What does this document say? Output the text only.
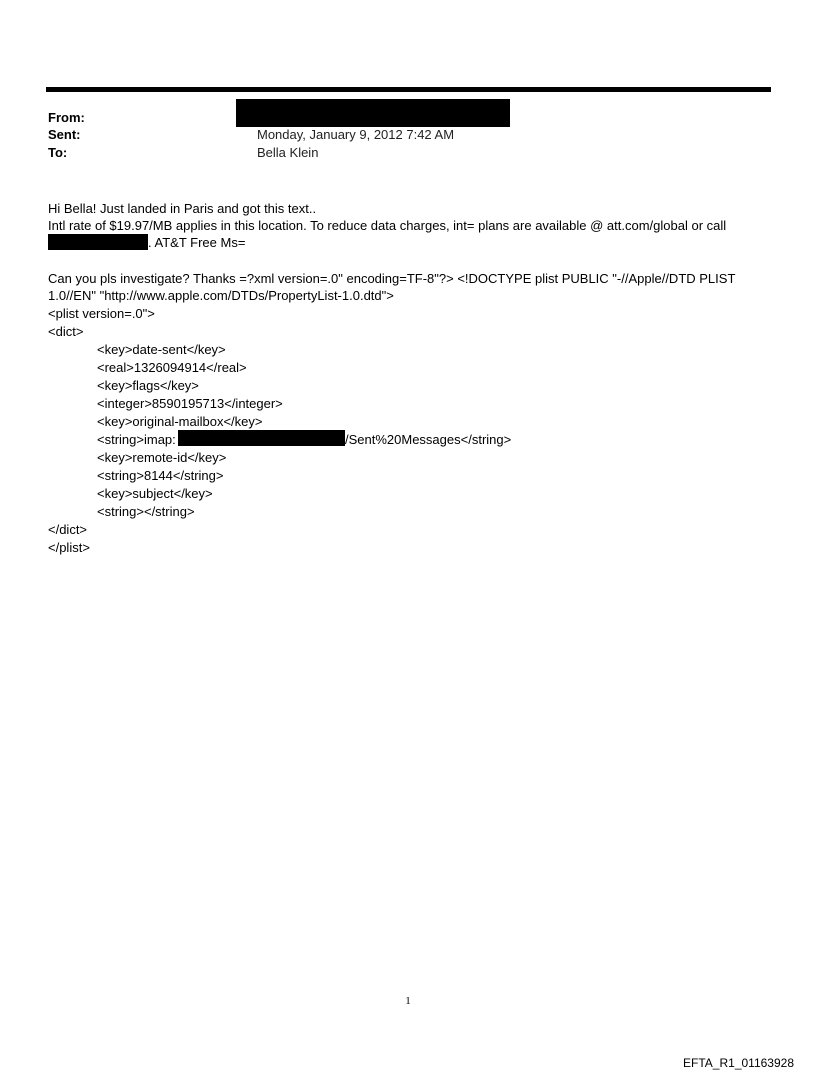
From:
Sent:	Monday, January 9, 2012 7:42 AM
To:	Bella Klein
Hi Bella! Just landed in Paris and got this text..
Intl rate of $19.97/MB applies in this location. To reduce data charges, int= plans are available @ att.com/global or call
. AT&T Free Ms=
Can you pls investigate? Thanks =?xml version=.0" encoding=TF-8"?> <!DOCTYPE plist PUBLIC "-//Apple//DTD PLIST
1.0//EN" "http://www.apple.com/DTDs/PropertyList-1.0.dtd">
<plist version=.0">
<dict>
<key>date-sent</key>
<real>1326094914</real>
<key>flags</key>
<integer>8590195713</integer>
<key>original-mailbox</key>
<string>imap:	/Sent%20Messages</string>
<key>remote-id</key>
<string>8144</string>
<key>subject</key>
<string></string>
</dict>
</plist>
1
EFTA_R1_01163928
